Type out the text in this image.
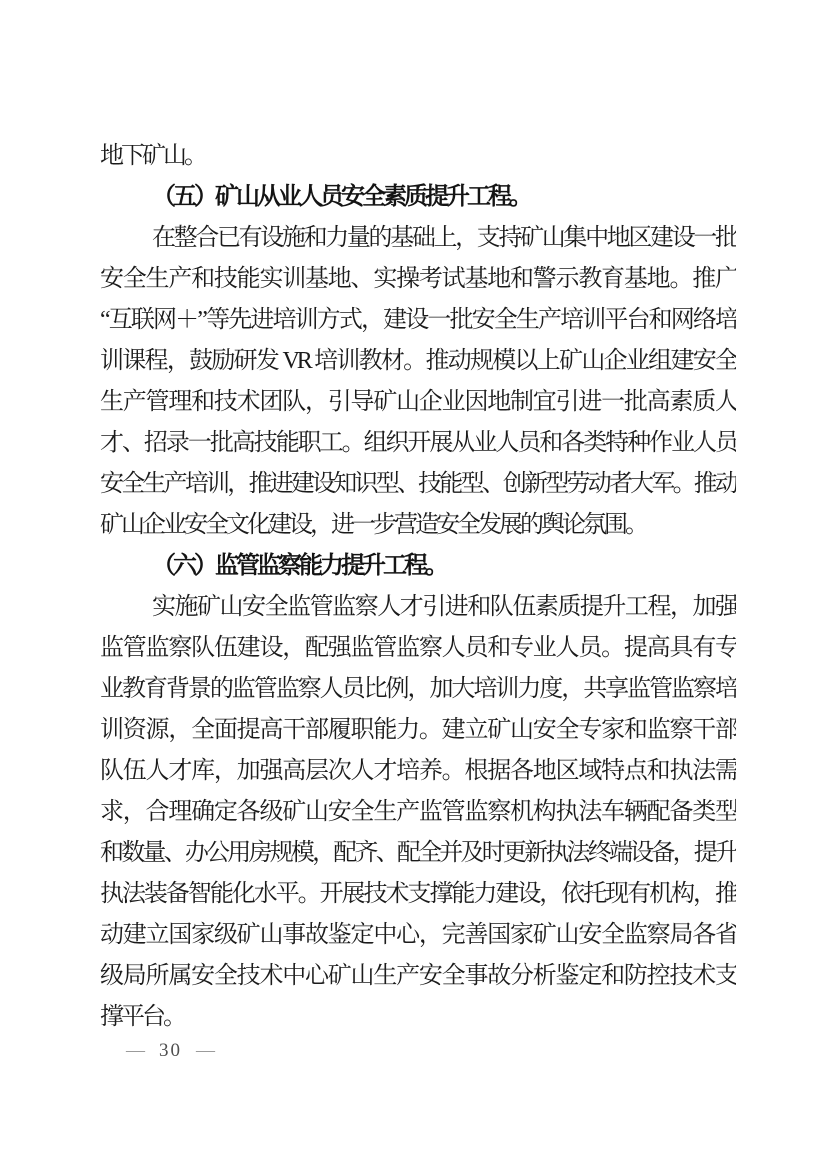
地下矿山。
（五）矿山从业人员安全素质提升工程。
在整合已有设施和力量的基础上，支持矿山集中地区建设一批
安全生产和技能实训基地、实操考试基地和警示教育基地。推广
“互联网＋”等先进培训方式，建设一批安全生产培训平台和网络培
训课程，鼓励研发 VR 培训教材。推动规模以上矿山企业组建安全
生产管理和技术团队，引导矿山企业因地制宜引进一批高素质人
才、招录一批高技能职工。组织开展从业人员和各类特种作业人员
安全生产培训，推进建设知识型、技能型、创新型劳动者大军。推动
矿山企业安全文化建设，进一步营造安全发展的舆论氛围。
（六）监管监察能力提升工程。
实施矿山安全监管监察人才引进和队伍素质提升工程，加强
监管监察队伍建设，配强监管监察人员和专业人员。提高具有专
业教育背景的监管监察人员比例，加大培训力度，共享监管监察培
训资源，全面提高干部履职能力。建立矿山安全专家和监察干部
队伍人才库，加强高层次人才培养。根据各地区域特点和执法需
求，合理确定各级矿山安全生产监管监察机构执法车辆配备类型
和数量、办公用房规模，配齐、配全并及时更新执法终端设备，提升
执法装备智能化水平。开展技术支撑能力建设，依托现有机构，推
动建立国家级矿山事故鉴定中心，完善国家矿山安全监察局各省
级局所属安全技术中心矿山生产安全事故分析鉴定和防控技术支
撑平台。
— 30 —
